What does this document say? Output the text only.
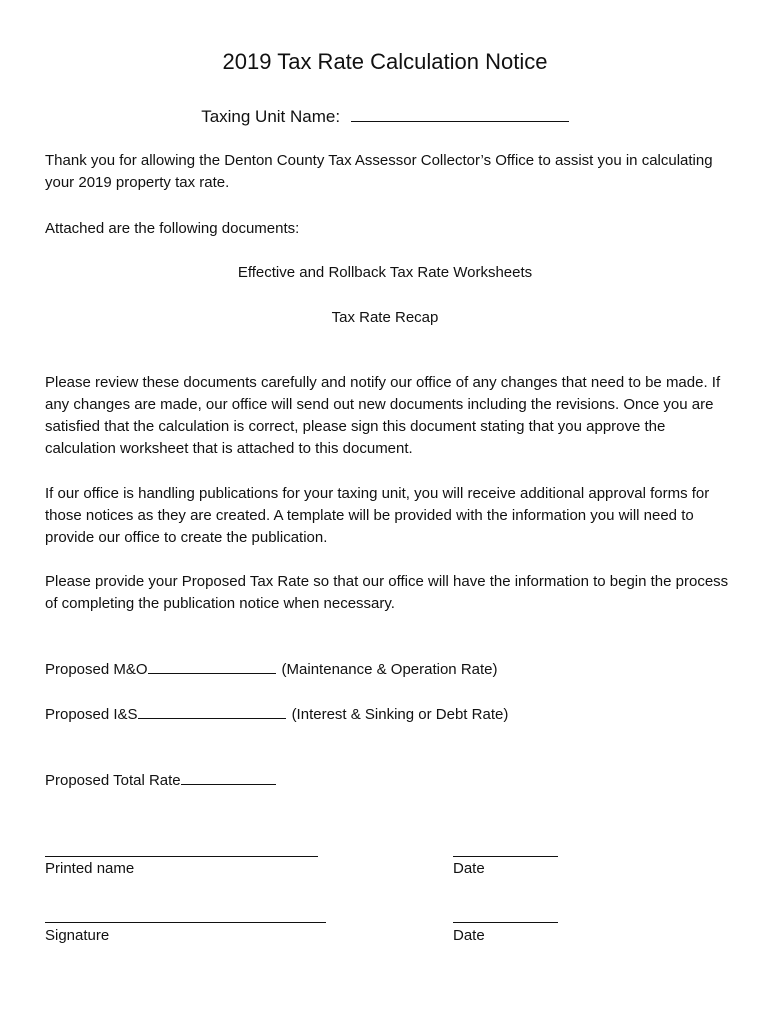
2019 Tax Rate Calculation Notice
Taxing Unit Name:
Thank you for allowing the Denton County Tax Assessor Collector’s Office to assist you in calculating your 2019 property tax rate.
Attached are the following documents:
Effective and Rollback Tax Rate Worksheets
Tax Rate Recap
Please review these documents carefully and notify our office of any changes that need to be made. If any changes are made, our office will send out new documents including the revisions. Once you are satisfied that the calculation is correct, please sign this document stating that you approve the calculation worksheet that is attached to this document.
If our office is handling publications for your taxing unit, you will receive additional approval forms for those notices as they are created. A template will be provided with the information you will need to provide our office to create the publication.
Please provide your Proposed Tax Rate so that our office will have the information to begin the process of completing the publication notice when necessary.
Proposed M&O	(Maintenance & Operation Rate)
Proposed I&S	(Interest & Sinking or Debt Rate)
Proposed Total Rate
Printed name	Date
Signature	Date
